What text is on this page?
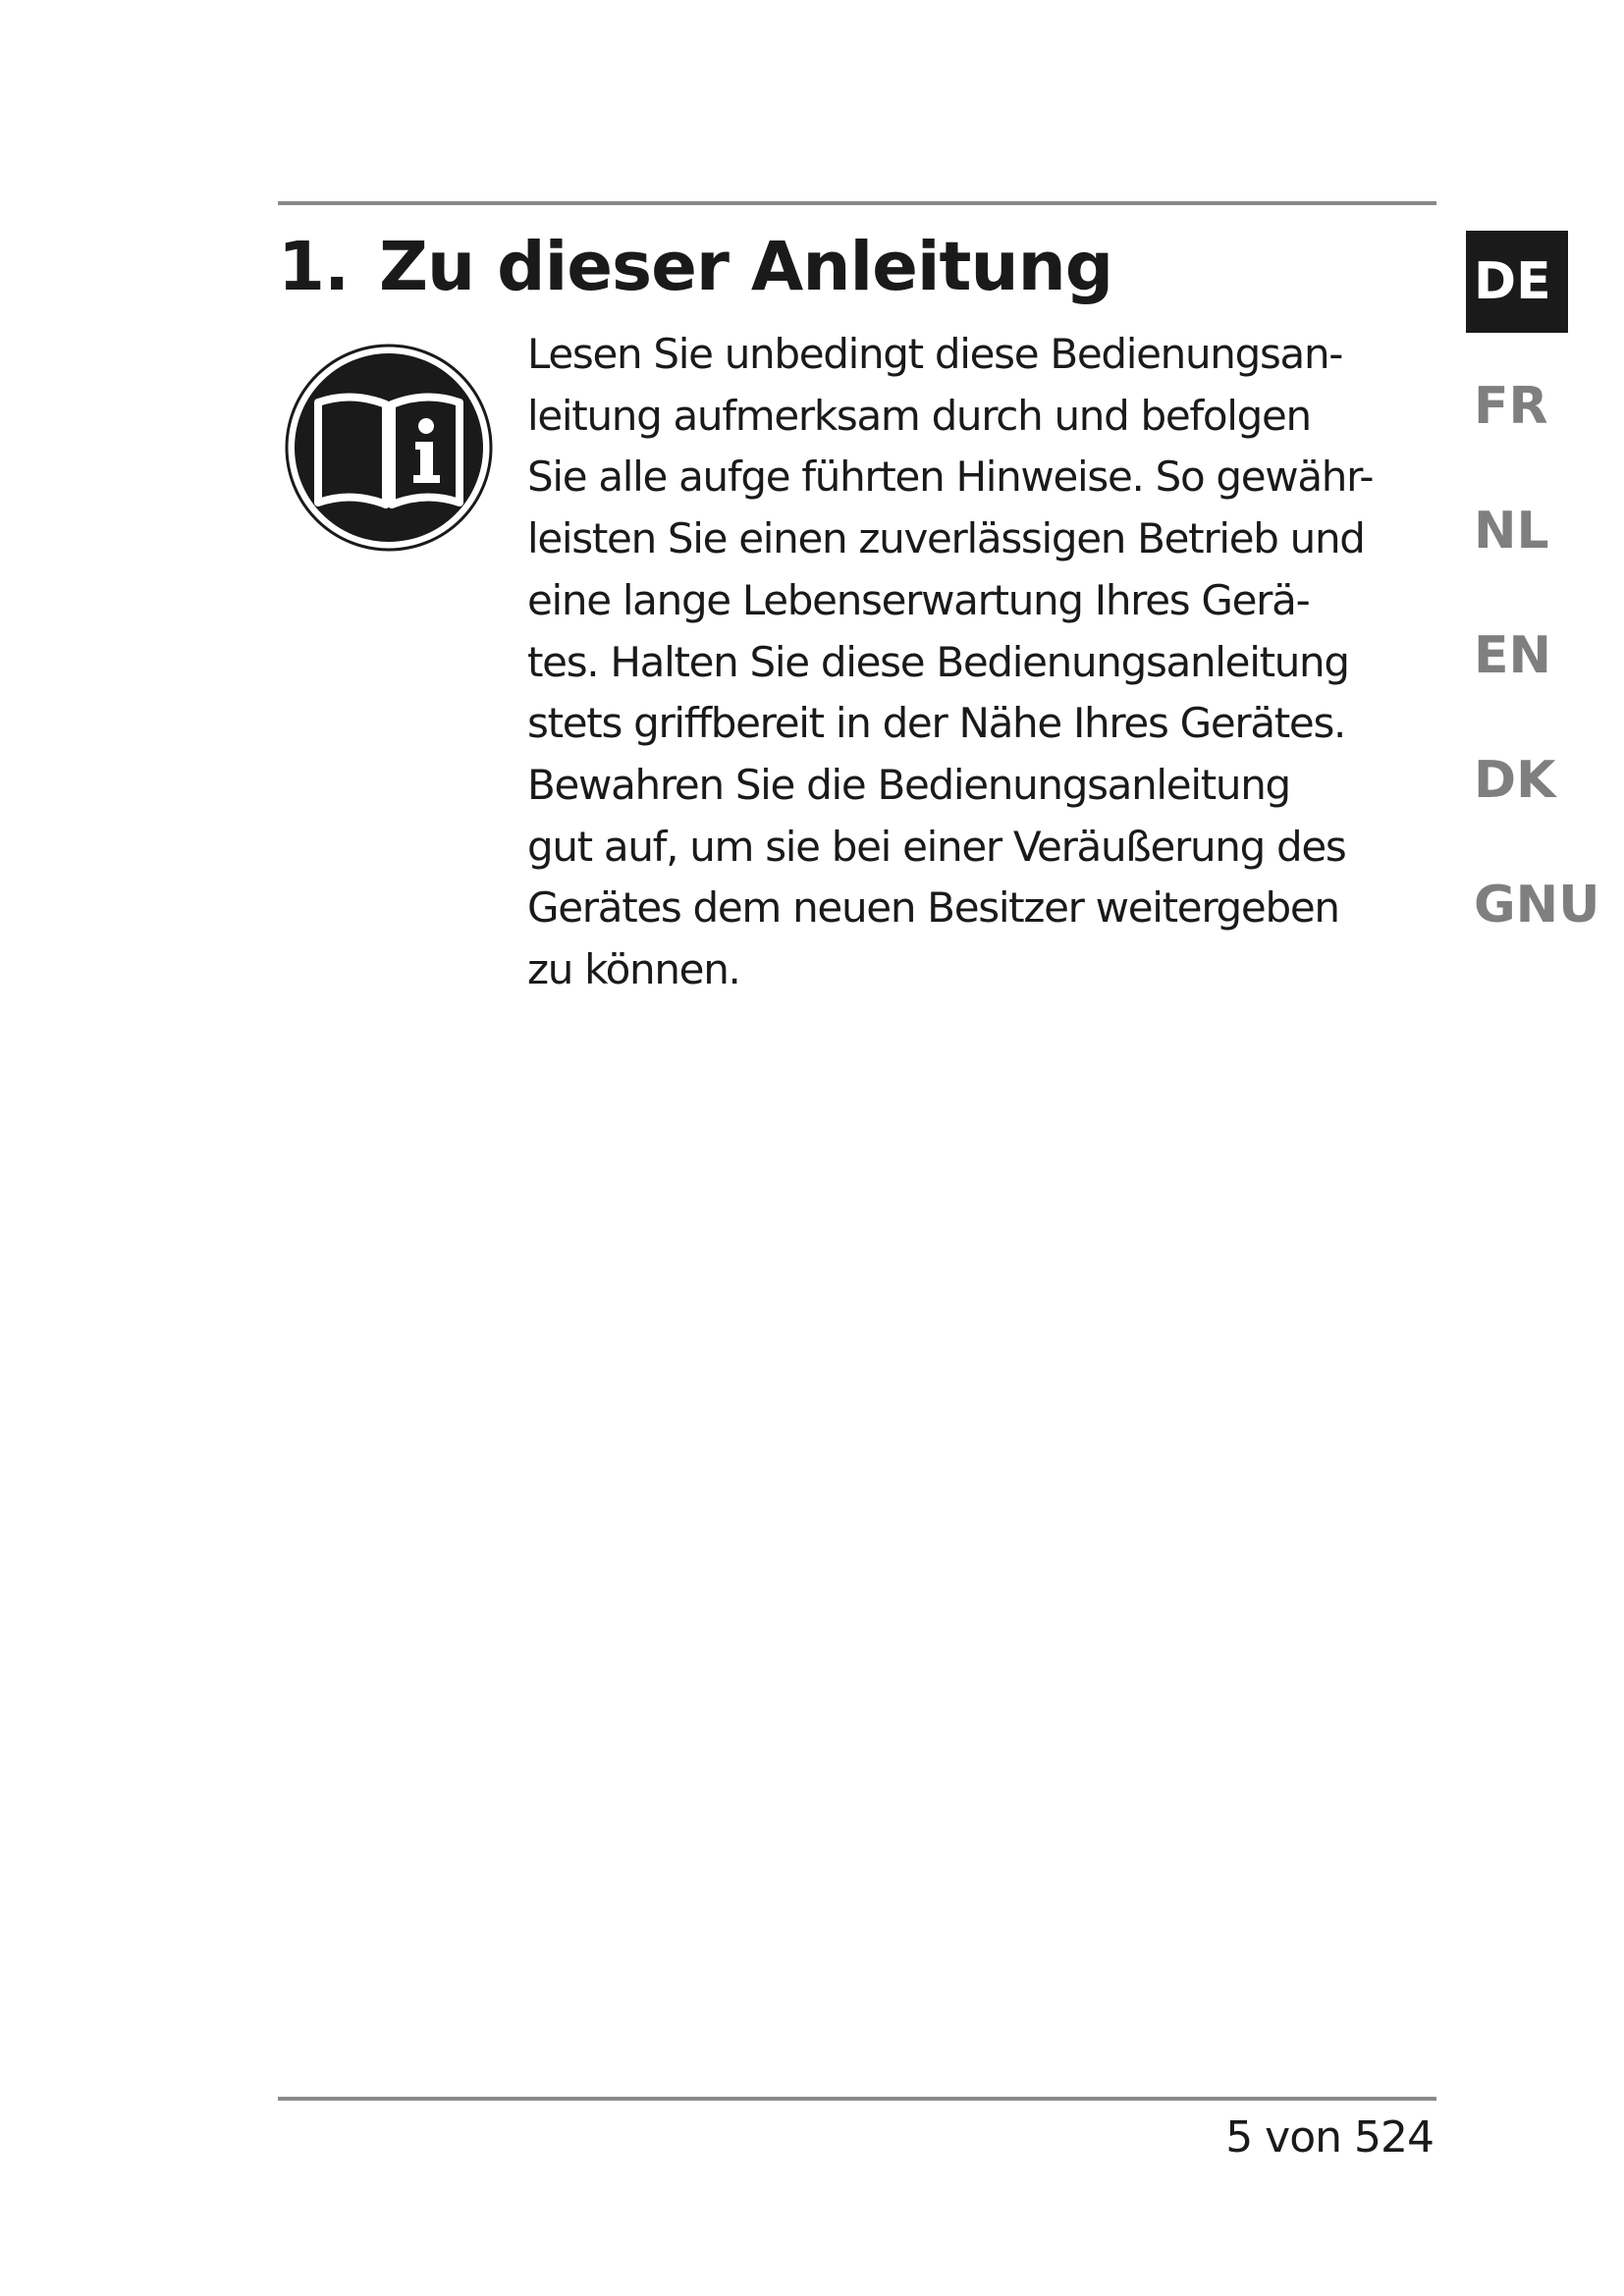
1. Zu dieser Anleitung
Lesen Sie unbedingt diese Bedienungsan-
leitung aufmerksam durch und befolgen
Sie alle aufge führten Hinweise. So gewähr-
leisten Sie einen zuverlässigen Betrieb und
eine lange Lebenserwartung Ihres Gerä-
tes. Halten Sie diese Bedienungsanleitung
stets griffbereit in der Nähe Ihres Gerätes.
Bewahren Sie die Bedienungsanleitung
gut auf, um sie bei einer Veräußerung des
Gerätes dem neuen Besitzer weitergeben
zu können.
DE
FR
NL
EN
DK
GNU
5 von 524
